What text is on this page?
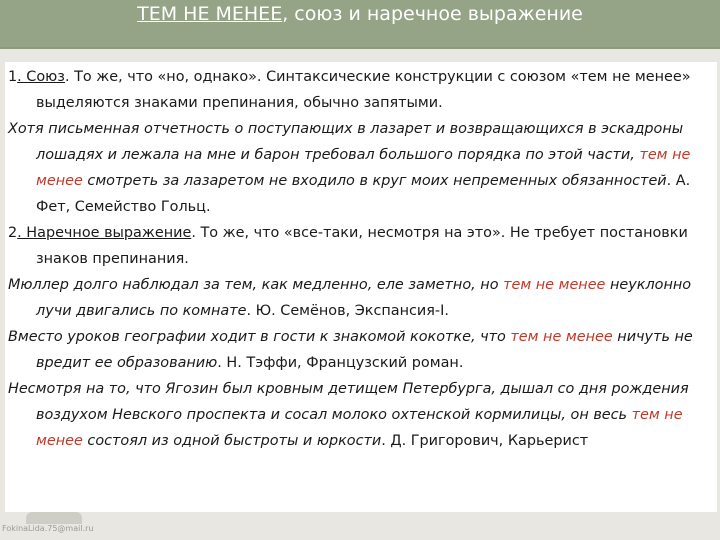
ТЕМ НЕ МЕНЕЕ, союз и наречное выражение

1. Союз. То же, что «но, однако». Синтаксические конструкции с союзом «тем не менее» выделяются знаками препинания, обычно запятыми.

Хотя письменная отчетность о поступающих в лазарет и возвращающихся в эскадроны лошадях и лежала на мне и барон требовал большого порядка по этой части, тем не менее смотреть за лазаретом не входило в круг моих непременных обязанностей. А. Фет, Семейство Гольц.

2. Наречное выражение. То же, что «все-таки, несмотря на это». Не требует постановки знаков препинания.

Мюллер долго наблюдал за тем, как медленно, еле заметно, но тем не менее неуклонно лучи двигались по комнате. Ю. Семёнов, Экспансия-I.

Вместо уроков географии ходит в гости к знакомой кокотке, что тем не менее ничуть не вредит ее образованию. Н. Тэффи, Французский роман.

Несмотря на то, что Ягозин был кровным детищем Петербурга, дышал со дня рождения воздухом Невского проспекта и сосал молоко охтенской кормилицы, он весь тем не менее состоял из одной быстроты и юркости. Д. Григорович, Карьерист

FokinaLida.75@mail.ru
